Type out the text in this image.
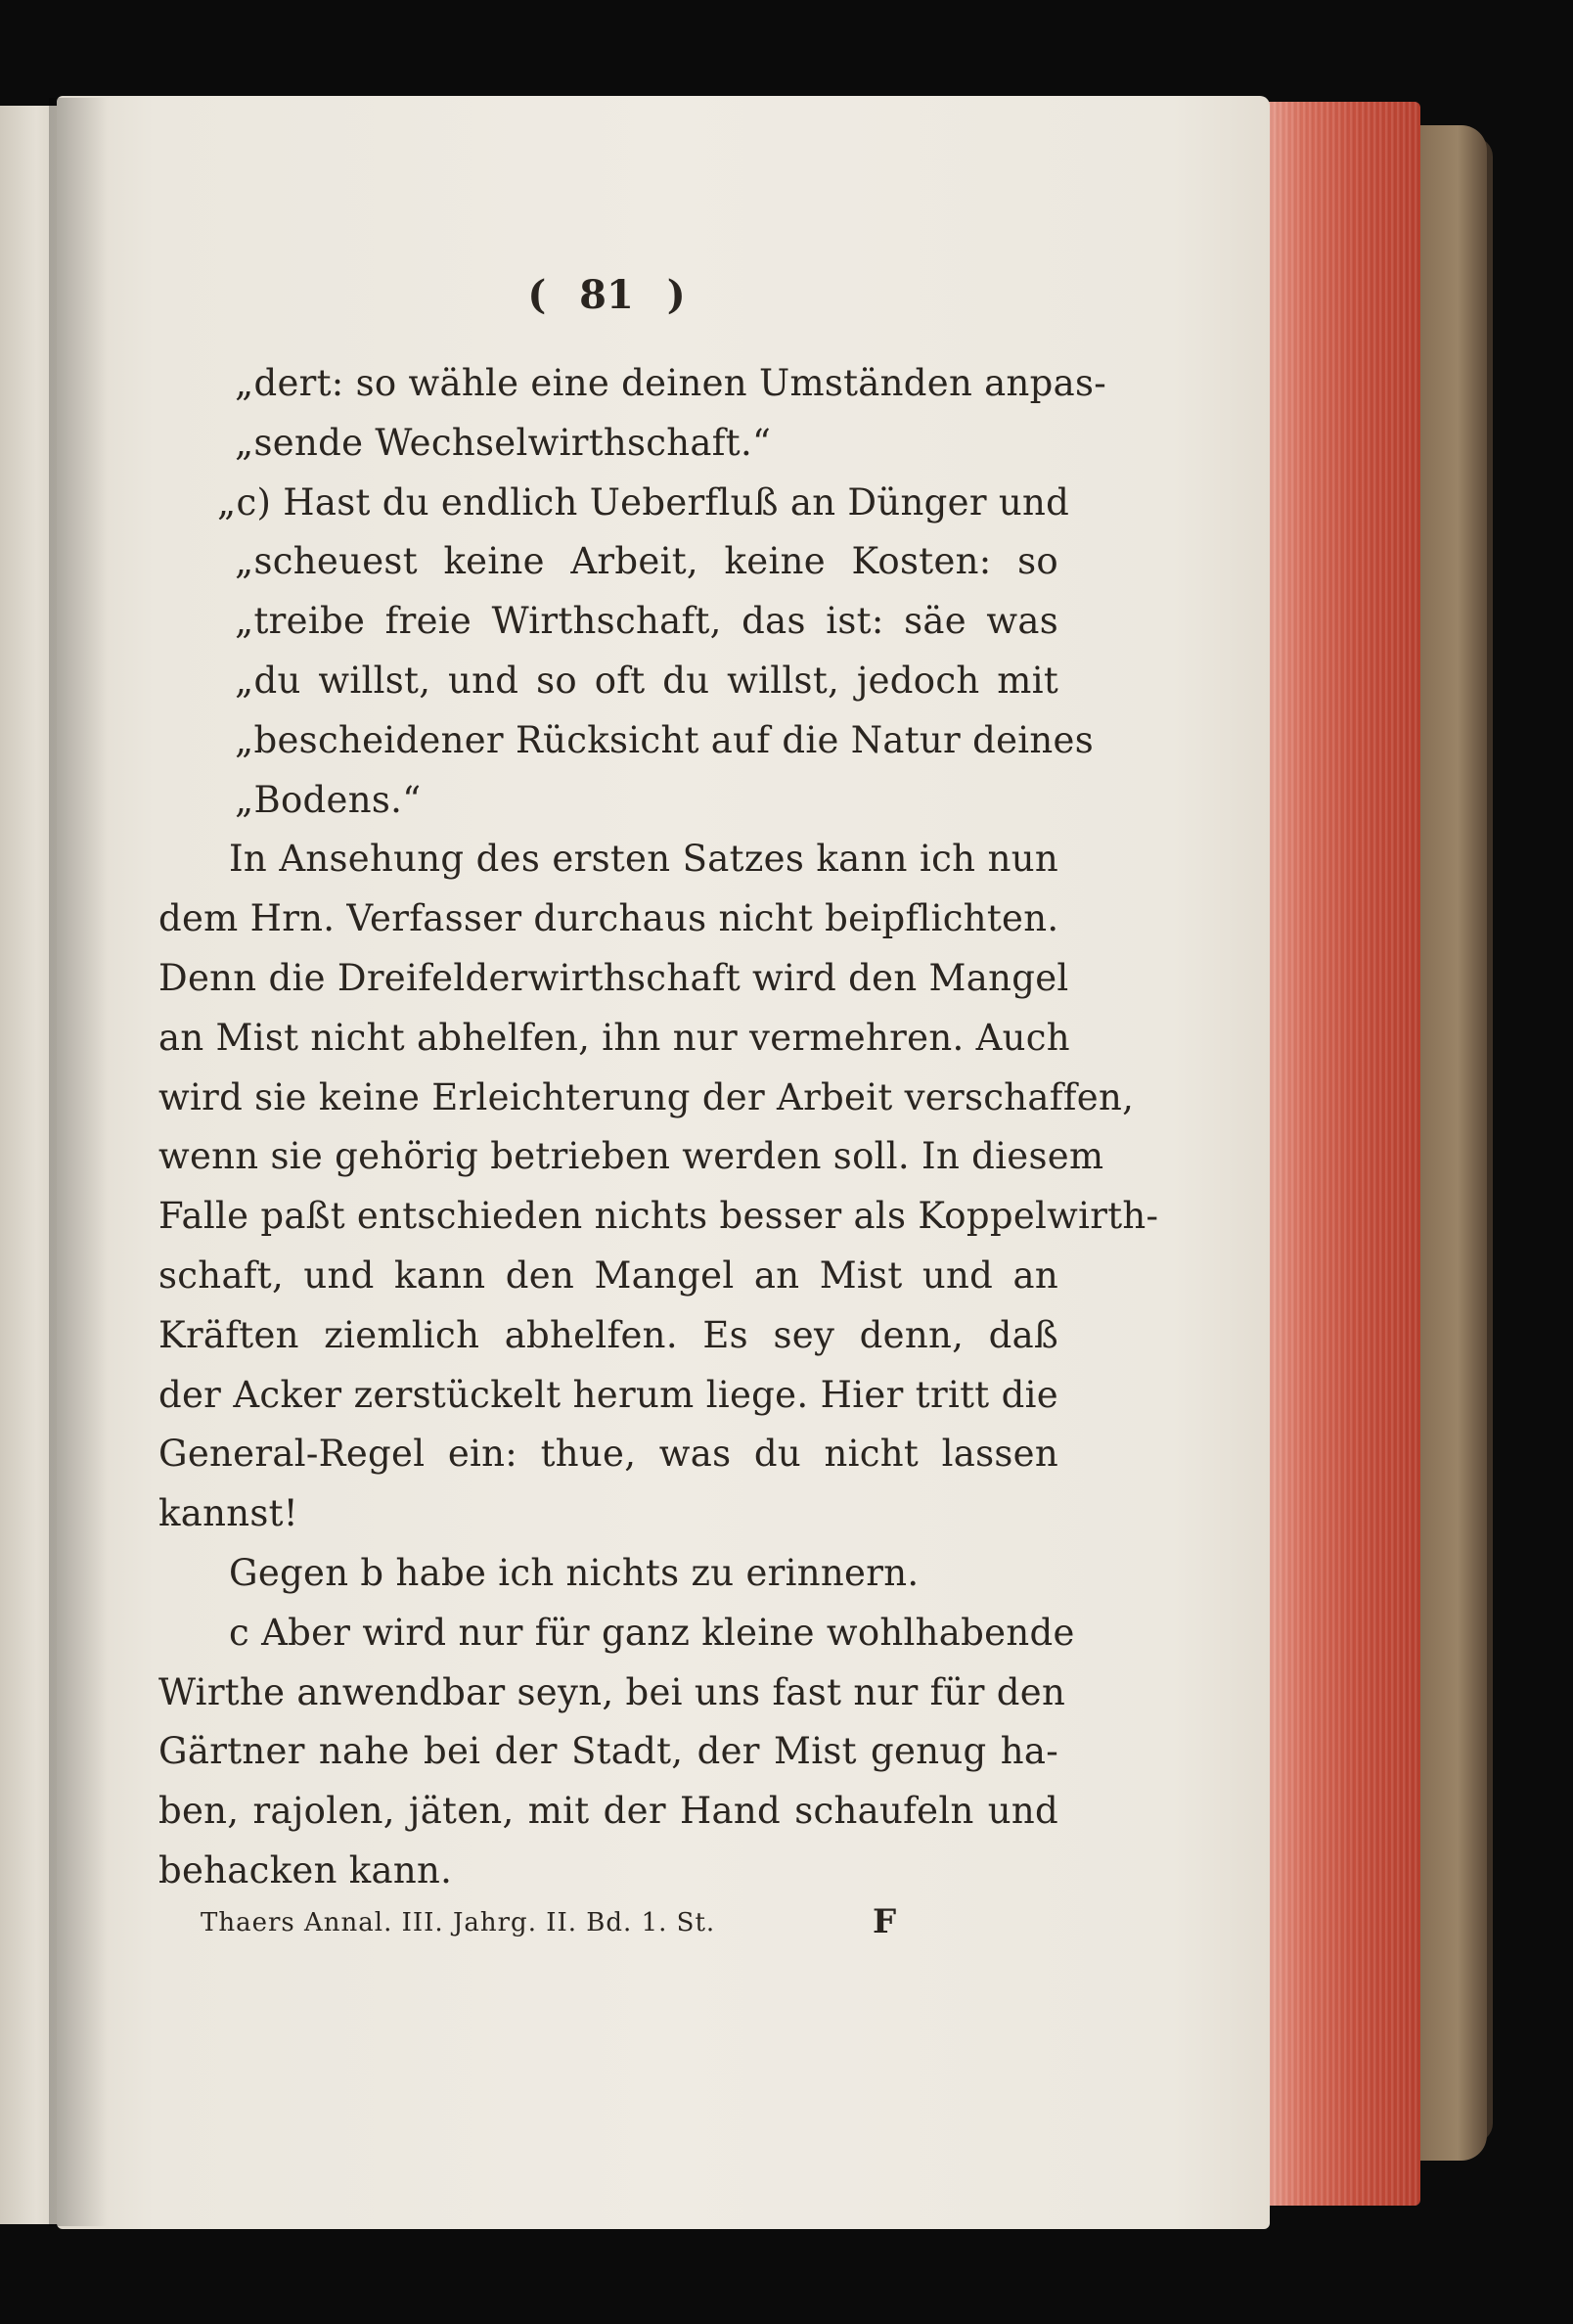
( 81 )
„dert: so wähle eine deinen Umständen anpas-
„sende Wechselwirthschaft.“
„c) Hast du endlich Ueberfluß an Dünger und
„scheuest keine Arbeit, keine Kosten: so
„treibe freie Wirthschaft, das ist: säe was
„du willst, und so oft du willst, jedoch mit
„bescheidener Rücksicht auf die Natur deines
„Bodens.“
In Ansehung des ersten Satzes kann ich nun
dem Hrn. Verfasser durchaus nicht beipflichten.
Denn die Dreifelderwirthschaft wird den Mangel
an Mist nicht abhelfen, ihn nur vermehren. Auch
wird sie keine Erleichterung der Arbeit verschaffen,
wenn sie gehörig betrieben werden soll. In diesem
Falle paßt entschieden nichts besser als Koppelwirth-
schaft, und kann den Mangel an Mist und an
Kräften ziemlich abhelfen. Es sey denn, daß
der Acker zerstückelt herum liege. Hier tritt die
General-Regel ein: thue, was du nicht lassen
kannst!
Gegen b habe ich nichts zu erinnern.
c Aber wird nur für ganz kleine wohlhabende
Wirthe anwendbar seyn, bei uns fast nur für den
Gärtner nahe bei der Stadt, der Mist genug ha-
ben, rajolen, jäten, mit der Hand schaufeln und
behacken kann.
Thaers Annal. III. Jahrg. II. Bd. 1. St.	F
